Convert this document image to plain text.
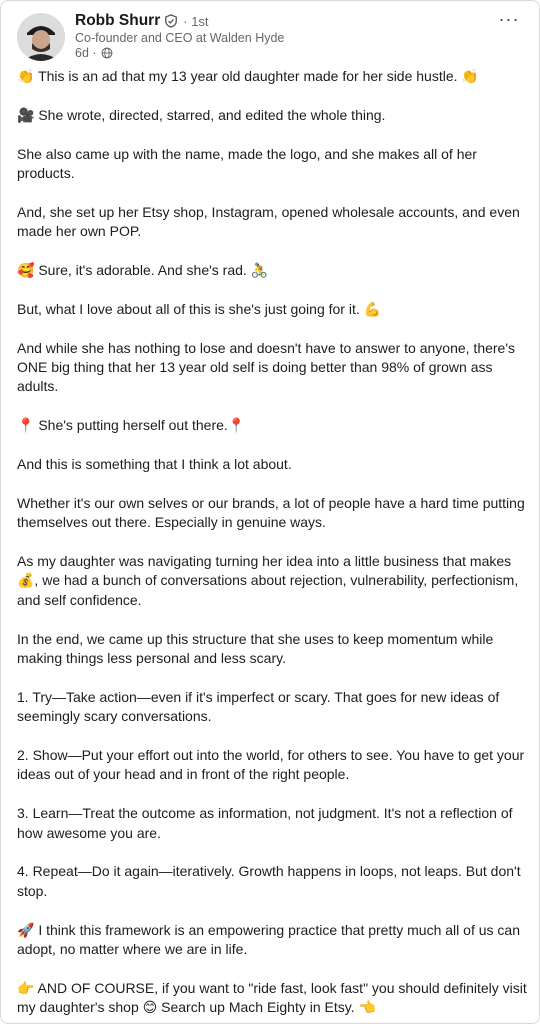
Robb Shurr · 1st
Co-founder and CEO at Walden Hyde
6d ·
···

👏 This is an ad that my 13 year old daughter made for her side hustle. 👏

🎥 She wrote, directed, starred, and edited the whole thing.

She also came up with the name, made the logo, and she makes all of her products.

And, she set up her Etsy shop, Instagram, opened wholesale accounts, and even made her own POP.

🥰 Sure, it's adorable. And she's rad. 🚴

But, what I love about all of this is she's just going for it. 💪

And while she has nothing to lose and doesn't have to answer to anyone, there's ONE big thing that her 13 year old self is doing better than 98% of grown ass adults.

📍 She's putting herself out there.📍

And this is something that I think a lot about.

Whether it's our own selves or our brands, a lot of people have a hard time putting themselves out there. Especially in genuine ways.

As my daughter was navigating turning her idea into a little business that makes 💰, we had a bunch of conversations about rejection, vulnerability, perfectionism, and self confidence.

In the end, we came up this structure that she uses to keep momentum while making things less personal and less scary.

1. Try—Take action—even if it's imperfect or scary. That goes for new ideas of seemingly scary conversations.

2. Show—Put your effort out into the world, for others to see. You have to get your ideas out of your head and in front of the right people.

3. Learn—Treat the outcome as information, not judgment. It's not a reflection of how awesome you are.

4. Repeat—Do it again—iteratively. Growth happens in loops, not leaps. But don't stop.

🚀 I think this framework is an empowering practice that pretty much all of us can adopt, no matter where we are in life.

👉 AND OF COURSE, if you want to "ride fast, look fast" you should definitely visit my daughter's shop 😊 Search up Mach Eighty in Etsy. 👈
